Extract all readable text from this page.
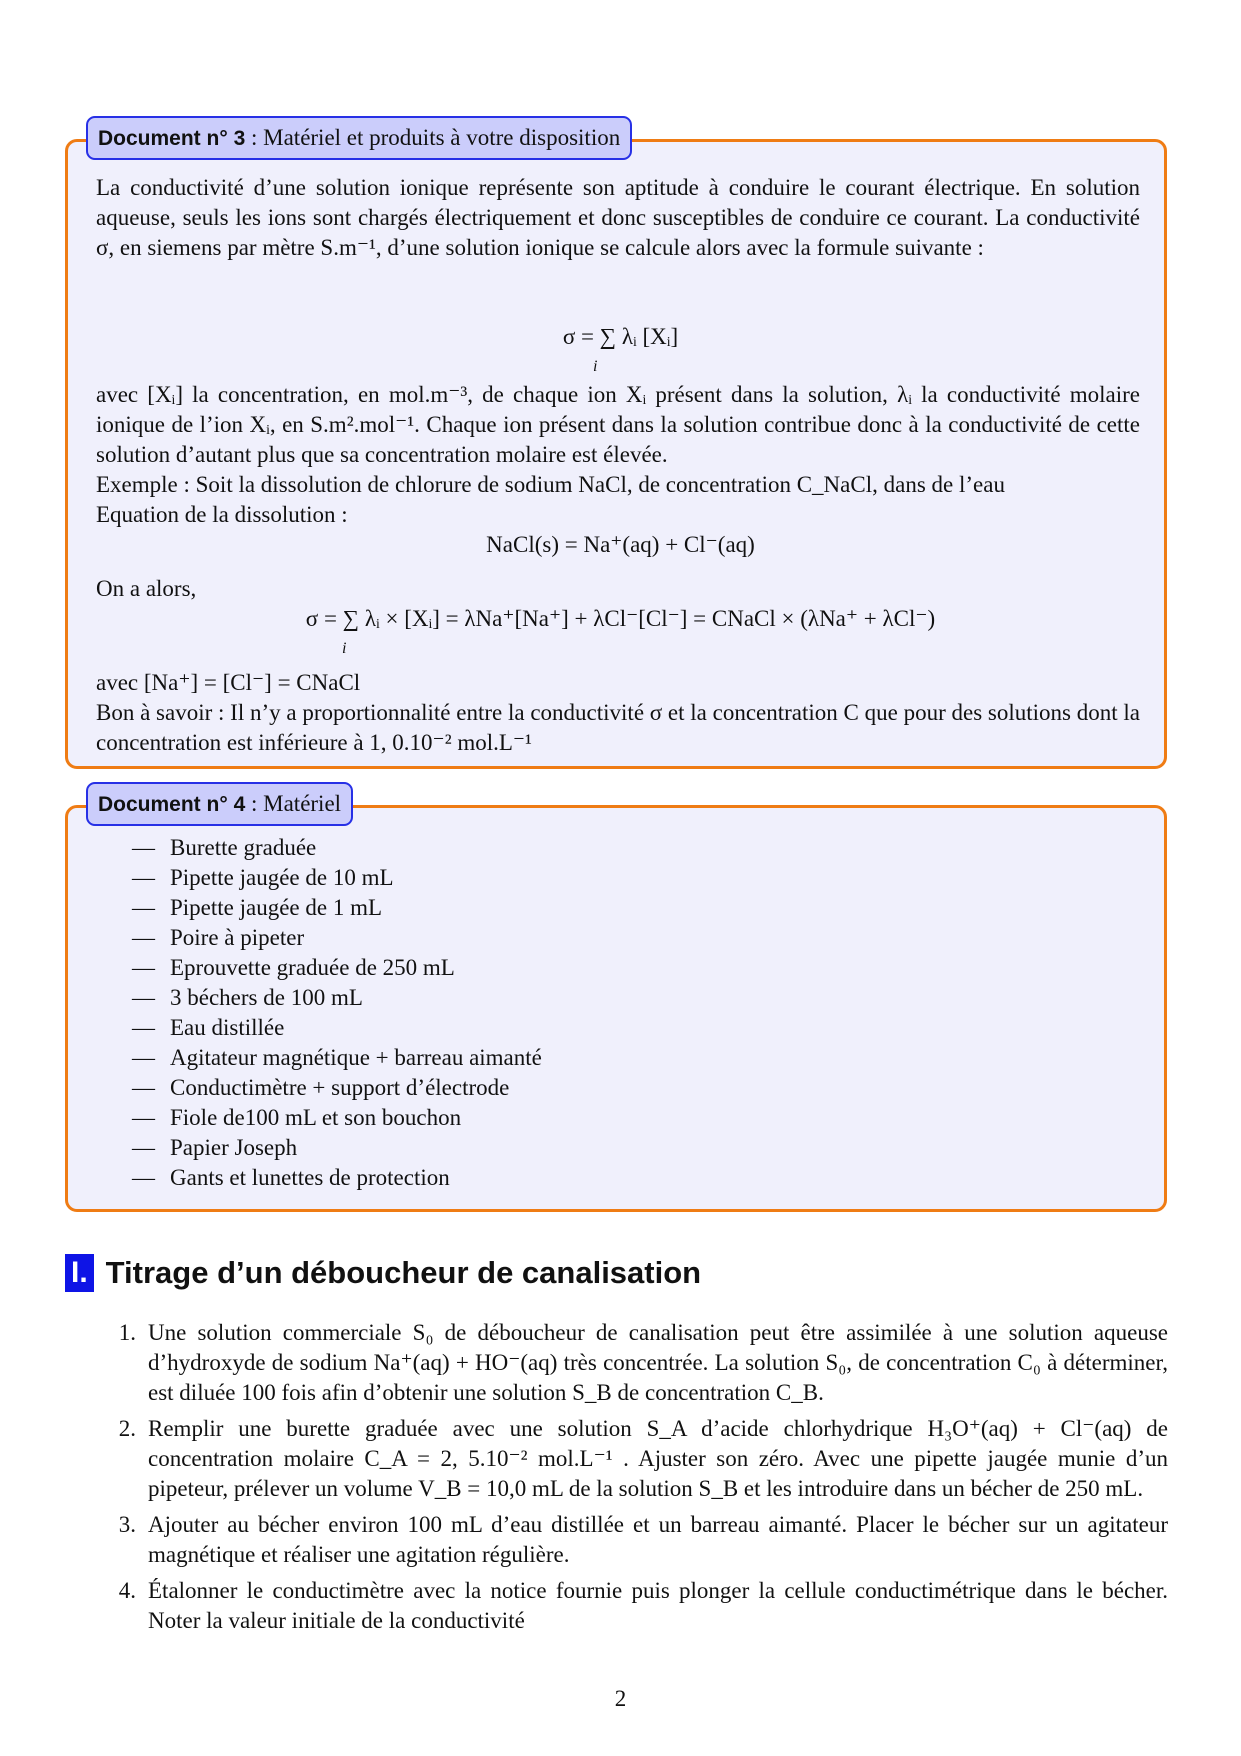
Document n° 3 : Matériel et produits à votre disposition
La conductivité d’une solution ionique représente son aptitude à conduire le courant électrique. En solution aqueuse, seuls les ions sont chargés électriquement et donc susceptibles de conduire ce courant. La conductivité σ, en siemens par mètre S.m⁻¹, d’une solution ionique se calcule alors avec la formule suivante :
σ = ∑ λᵢ [Xᵢ]
i
avec [Xᵢ] la concentration, en mol.m⁻³, de chaque ion Xᵢ présent dans la solution, λᵢ la conductivité molaire ionique de l’ion Xᵢ, en S.m².mol⁻¹. Chaque ion présent dans la solution contribue donc à la conductivité de cette solution d’autant plus que sa concentration molaire est élevée.
Exemple : Soit la dissolution de chlorure de sodium NaCl, de concentration C_NaCl, dans de l’eau
Equation de la dissolution :
NaCl(s) = Na⁺(aq) + Cl⁻(aq)
On a alors,
σ = ∑ λᵢ × [Xᵢ] = λNa⁺[Na⁺] + λCl⁻[Cl⁻] = CNaCl × (λNa⁺ + λCl⁻)
i
avec [Na⁺] = [Cl⁻] = CNaCl
Bon à savoir : Il n’y a proportionnalité entre la conductivité σ et la concentration C que pour des solutions dont la concentration est inférieure à 1, 0.10⁻² mol.L⁻¹
Document n° 4 : Matériel
— Burette graduée
— Pipette jaugée de 10 mL
— Pipette jaugée de 1 mL
— Poire à pipeter
— Eprouvette graduée de 250 mL
— 3 béchers de 100 mL
— Eau distillée
— Agitateur magnétique + barreau aimanté
— Conductimètre + support d’électrode
— Fiole de100 mL et son bouchon
— Papier Joseph
— Gants et lunettes de protection
I. Titrage d’un déboucheur de canalisation
1. Une solution commerciale S₀ de déboucheur de canalisation peut être assimilée à une solution aqueuse d’hydroxyde de sodium Na⁺(aq) + HO⁻(aq) très concentrée. La solution S₀, de concentration C₀ à déterminer, est diluée 100 fois afin d’obtenir une solution S_B de concentration C_B.
2. Remplir une burette graduée avec une solution S_A d’acide chlorhydrique H₃O⁺(aq) + Cl⁻(aq) de concentration molaire C_A = 2, 5.10⁻² mol.L⁻¹ . Ajuster son zéro. Avec une pipette jaugée munie d’un pipeteur, prélever un volume V_B = 10,0 mL de la solution S_B et les introduire dans un bécher de 250 mL.
3. Ajouter au bécher environ 100 mL d’eau distillée et un barreau aimanté. Placer le bécher sur un agitateur magnétique et réaliser une agitation régulière.
4. Étalonner le conductimètre avec la notice fournie puis plonger la cellule conductimétrique dans le bécher. Noter la valeur initiale de la conductivité
2
